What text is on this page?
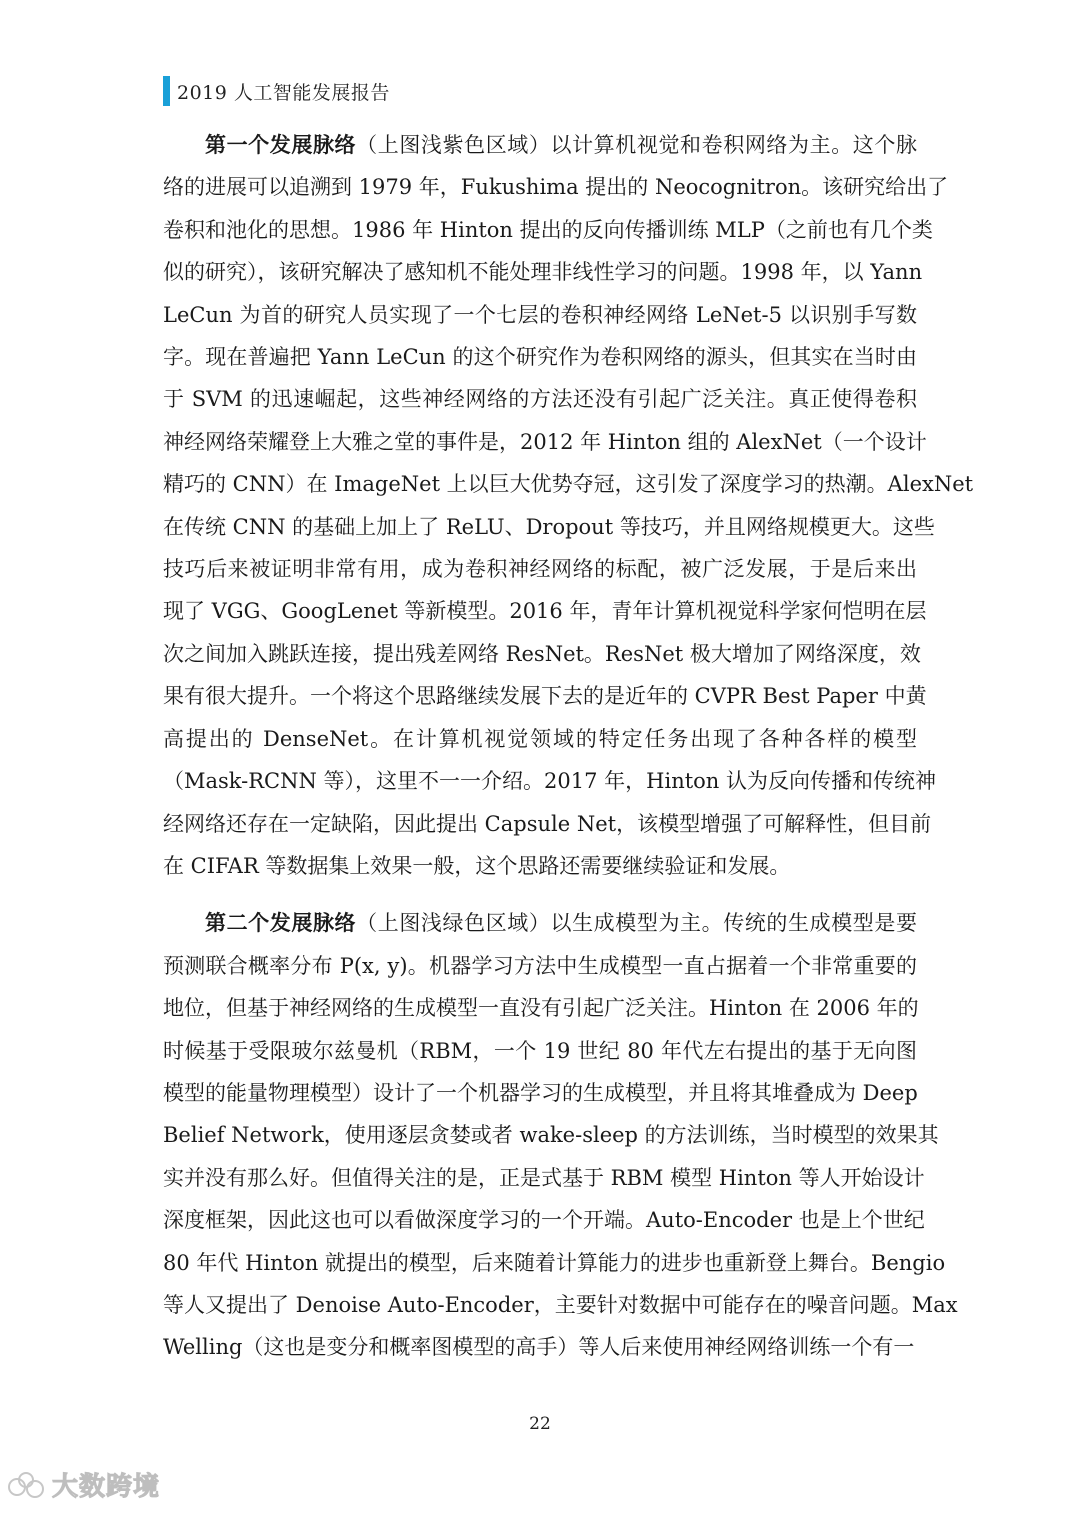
2019 人工智能发展报告
第一个发展脉络（上图浅紫色区域）以计算机视觉和卷积网络为主。这个脉
络的进展可以追溯到 1979 年，Fukushima 提出的 Neocognitron。该研究给出了
卷积和池化的思想。1986 年 Hinton 提出的反向传播训练 MLP（之前也有几个类
似的研究），该研究解决了感知机不能处理非线性学习的问题。1998 年，以 Yann
LeCun 为首的研究人员实现了一个七层的卷积神经网络 LeNet-5 以识别手写数
字。现在普遍把 Yann LeCun 的这个研究作为卷积网络的源头，但其实在当时由
于 SVM 的迅速崛起，这些神经网络的方法还没有引起广泛关注。真正使得卷积
神经网络荣耀登上大雅之堂的事件是，2012 年 Hinton 组的 AlexNet（一个设计
精巧的 CNN）在 ImageNet 上以巨大优势夺冠，这引发了深度学习的热潮。AlexNet
在传统 CNN 的基础上加上了 ReLU、Dropout 等技巧，并且网络规模更大。这些
技巧后来被证明非常有用，成为卷积神经网络的标配，被广泛发展，于是后来出
现了 VGG、GoogLenet 等新模型。2016 年，青年计算机视觉科学家何恺明在层
次之间加入跳跃连接，提出残差网络 ResNet。ResNet 极大增加了网络深度，效
果有很大提升。一个将这个思路继续发展下去的是近年的 CVPR Best Paper 中黄
高提出的 DenseNet。在计算机视觉领域的特定任务出现了各种各样的模型
（Mask-RCNN 等），这里不一一介绍。2017 年，Hinton 认为反向传播和传统神
经网络还存在一定缺陷，因此提出 Capsule Net，该模型增强了可解释性，但目前
在 CIFAR 等数据集上效果一般，这个思路还需要继续验证和发展。
第二个发展脉络（上图浅绿色区域）以生成模型为主。传统的生成模型是要
预测联合概率分布 P(x, y)。机器学习方法中生成模型一直占据着一个非常重要的
地位，但基于神经网络的生成模型一直没有引起广泛关注。Hinton 在 2006 年的
时候基于受限玻尔兹曼机（RBM，一个 19 世纪 80 年代左右提出的基于无向图
模型的能量物理模型）设计了一个机器学习的生成模型，并且将其堆叠成为 Deep
Belief Network，使用逐层贪婪或者 wake-sleep 的方法训练，当时模型的效果其
实并没有那么好。但值得关注的是，正是式基于 RBM 模型 Hinton 等人开始设计
深度框架，因此这也可以看做深度学习的一个开端。Auto-Encoder 也是上个世纪
80 年代 Hinton 就提出的模型，后来随着计算能力的进步也重新登上舞台。Bengio
等人又提出了 Denoise Auto-Encoder，主要针对数据中可能存在的噪音问题。Max
Welling（这也是变分和概率图模型的高手）等人后来使用神经网络训练一个有一
22
大数跨境
